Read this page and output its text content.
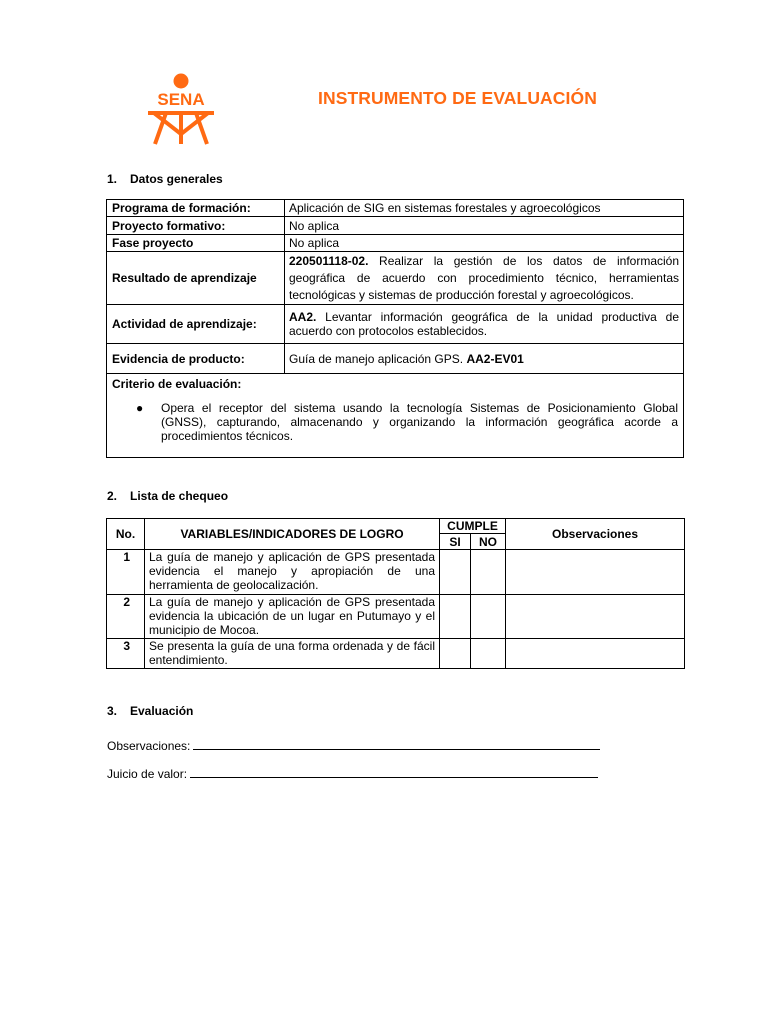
SENA	INSTRUMENTO DE EVALUACIÓN
1. Datos generales
Programa de formación:	Aplicación de SIG en sistemas forestales y agroecológicos
Proyecto formativo:	No aplica
Fase proyecto	No aplica
Resultado de aprendizaje	220501118-02. Realizar la gestión de los datos de información geográfica de acuerdo con procedimiento técnico, herramientas tecnológicas y sistemas de producción forestal y agroecológicos.
Actividad de aprendizaje:	AA2. Levantar información geográfica de la unidad productiva de acuerdo con protocolos establecidos.
Evidencia de producto:	Guía de manejo aplicación GPS. AA2-EV01

Criterio de evaluación:
● Opera el receptor del sistema usando la tecnología Sistemas de Posicionamiento Global (GNSS), capturando, almacenando y organizando la información geográfica acorde a procedimientos técnicos.	
2. Lista de chequeo
No.	VARIABLES/INDICADORES DE LOGRO	CUMPLE		Observaciones
		SI	NO	
1	La guía de manejo y aplicación de GPS presentada evidencia el manejo y apropiación de una herramienta de geolocalización.			
2	La guía de manejo y aplicación de GPS presentada evidencia la ubicación de un lugar en Putumayo y el municipio de Mocoa.			
3	Se presenta la guía de una forma ordenada y de fácil entendimiento.			
3. Evaluación
Observaciones:
Juicio de valor:
